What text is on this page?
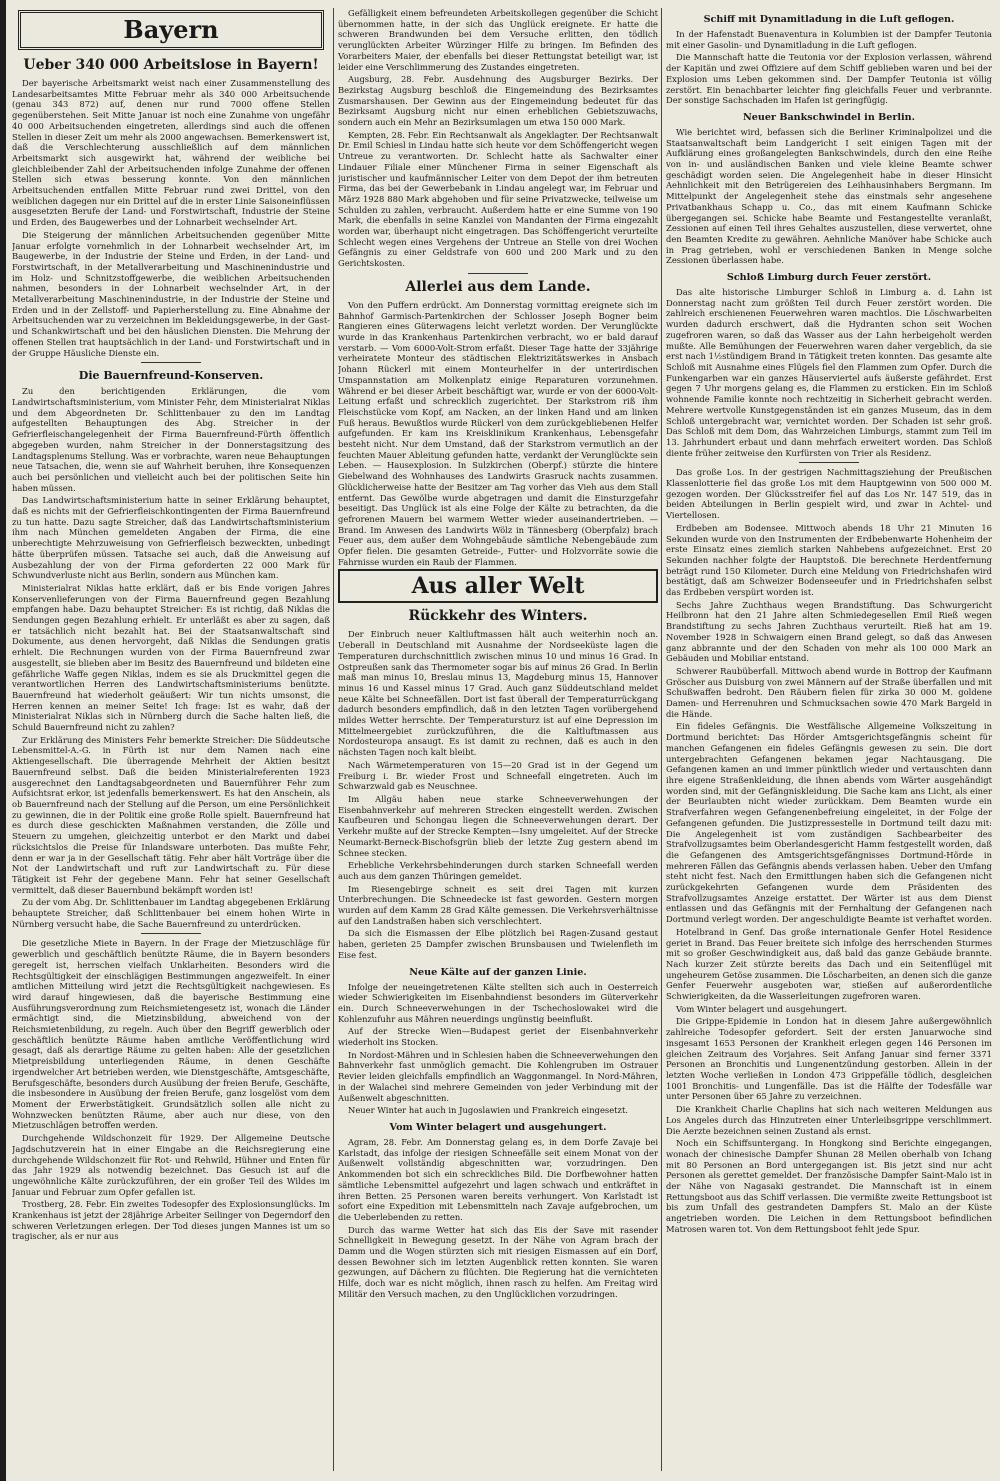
Bayern
Ueber 340 000 Arbeitslose in Bayern!

Der bayerische Arbeitsmarkt weist nach einer Zusammenstellung des Landesarbeitsamtes Mitte Februar mehr als 340 000 Arbeitsuchende (genau 343 872) auf, denen nur rund 7000 offene Stellen gegenüberstehen. Seit Mitte Januar ist noch eine Zunahme von ungefähr 40 000 Arbeitsuchenden eingetreten, allerdings sind auch die offenen Stellen in dieser Zeit um mehr als 2000 angewachsen. Bemerkenswert ist, daß die Verschlechterung ausschließlich auf dem männlichen Arbeitsmarkt sich ausgewirkt hat, während der weibliche bei gleichbleibender Zahl der Arbeitsuchenden infolge Zunahme der offenen Stellen sich etwas besserung konnte. Von den männlichen Arbeitsuchenden entfallen Mitte Februar rund zwei Drittel, von den weiblichen dagegen nur ein Drittel auf die in erster Linie Saisoneinflüssen ausgesetzten Berufe der Land- und Forstwirtschaft, Industrie der Steine und Erden, des Baugewerbes und der Lohnarbeit wechselnder Art.

Die Steigerung der männlichen Arbeitsuchenden gegenüber Mitte Januar erfolgte vornehmlich in der Lohnarbeit wechselnder Art, im Baugewerbe, in der Industrie der Steine und Erden, in der Land- und Forstwirtschaft, in der Metallverarbeitung und Maschinenindustrie und im Holz- und Schnitzstoffgewerbe, die weiblichen Arbeitsuchenden nahmen, besonders in der Lohnarbeit wechselnder Art, in der Metallverarbeitung Maschinenindustrie, in der Industrie der Steine und Erden und in der Zellstoff- und Papierherstellung zu. Eine Abnahme der Arbeitsuchenden war zu verzeichnen im Bekleidungsgewerbe, in der Gast- und Schankwirtschaft und bei den häuslichen Diensten. Die Mehrung der offenen Stellen trat hauptsächlich in der Land- und Forstwirtschaft und in der Gruppe Häusliche Dienste ein.

Die Bauernfreund-Konserven.

Zu den berichtigenden Erklärungen, die vom Landwirtschaftsministerium, vom Minister Fehr, dem Ministerialrat Niklas und dem Abgeordneten Dr. Schlittenbauer zu den im Landtag aufgestellten Behauptungen des Abg. Streicher in der Gefrierfleischangelegenheit der Firma Bauernfreund-Fürth öffentlich abgegeben wurden, nahm Streicher in der Donnerstagsitzung des Landtagsplenums Stellung. Was er vorbrachte, waren neue Behauptungen neue Tatsachen, die, wenn sie auf Wahrheit beruhen, ihre Konsequenzen auch bei persönlichen und vielleicht auch bei der politischen Seite hin haben müssen.

Das Landwirtschaftsministerium hatte in seiner Erklärung behauptet, daß es nichts mit der Gefrierfleischkontingenten der Firma Bauernfreund zu tun hatte. Dazu sagte Streicher, daß das Landwirtschaftsministerium ihm nach München gemeldeten Angaben der Firma, die eine unberechtigte Mehrzuweisung von Gefrierfleisch bezweckten, unbedingt hätte überprüfen müssen. Tatsache sei auch, daß die Anweisung auf Ausbezahlung der von der Firma geforderten 22 000 Mark für Schwundverluste nicht aus Berlin, sondern aus München kam.

Ministerialrat Niklas hatte erklärt, daß er bis Ende vorigen Jahres Konservenlieferungen von der Firma Bauernfreund gegen Bezahlung empfangen habe. Dazu behauptet Streicher: Es ist richtig, daß Niklas die Sendungen gegen Bezahlung erhielt. Er unterläßt es aber zu sagen, daß er tatsächlich nicht bezahlt hat. Bei der Staatsanwaltschaft sind Dokumente, aus denen hervorgeht, daß Niklas die Sendungen gratis erhielt. Die Rechnungen wurden von der Firma Bauernfreund zwar ausgestellt, sie blieben aber im Besitz des Bauernfreund und bildeten eine gefährliche Waffe gegen Niklas, indem es sie als Druckmittel gegen die verantwortlichen Herren des Landwirtschaftsministeriums benützte. Bauernfreund hat wiederholt geäußert: Wir tun nichts umsonst, die Herren kennen an meiner Seite! Ich frage: Ist es wahr, daß der Ministerialrat Niklas sich in Nürnberg durch die Sache halten ließ, die Schuld Bauernfreund nicht zu zahlen?

Zur Erklärung des Ministers Fehr bemerkte Streicher: Die Süddeutsche Lebensmittel-A.-G. in Fürth ist nur dem Namen nach eine Aktiengesellschaft. Die überragende Mehrheit der Aktien besitzt Bauernfreund selbst. Daß die beiden Ministerialreferenten 1923 ausgerechnet den Landtagsabgeordneten und Bauernführer Fehr zum Aufsichtsrat erkor, ist jedenfalls bemerkenswert. Es hat den Anschein, als ob Bauernfreund nach der Stellung auf die Person, um eine Persönlichkeit zu gewinnen, die in der Politik eine große Rolle spielt. Bauernfreund hat es durch diese geschickten Maßnahmen verstanden, die Zölle und Steuern zu umgehen, gleichzeitig unterbot er den Markt und dabei rücksichtslos die Preise für Inlandsware unterboten. Das mußte Fehr, denn er war ja in der Gesellschaft tätig. Fehr aber hält Vorträge über die Not der Landwirtschaft und ruft zur Landwirtschaft zu. Für diese Tätigkeit ist Fehr der gegebene Mann. Fehr hat seiner Gesellschaft vermittelt, daß dieser Bauernbund bekämpft worden ist!

Zu der vom Abg. Dr. Schlittenbauer im Landtag abgegebenen Erklärung behauptete Streicher, daß Schlittenbauer bei einem hohen Wirte in Nürnberg versucht habe, die Sache Bauernfreund zu unterdrücken.

Die gesetzliche Miete in Bayern. In der Frage der Mietzuschläge für gewerblich und geschäftlich benützte Räume, die in Bayern besonders geregelt ist, herrschen vielfach Unklarheiten. Besonders wird die Rechtsgültigkeit der einschlägigen Bestimmungen angezweifelt. In einer amtlichen Mitteilung wird jetzt die Rechtsgültigkeit nachgewiesen. Es wird darauf hingewiesen, daß die bayerische Bestimmung eine Ausführungsverordnung zum Reichsmietengesetz ist, wonach die Länder ermächtigt sind, die Mietzinsbildung, abweichend von der Reichsmietenbildung, zu regeln. Auch über den Begriff gewerblich oder geschäftlich benützte Räume haben amtliche Veröffentlichung wird gesagt, daß als derartige Räume zu gelten haben: Alle der gesetzlichen Mietpreisbildung unterliegenden Räume, in denen Geschäfte irgendwelcher Art betrieben werden, wie Dienstgeschäfte, Amtsgeschäfte, Berufsgeschäfte, besonders durch Ausübung der freien Berufe, Geschäfte, die insbesondere in Ausübung der freien Berufe, ganz losgelöst vom dem Moment der Erwerbstätigkeit. Grundsätzlich sollen alle nicht zu Wohnzwecken benützten Räume, aber auch nur diese, von den Mietzuschlägen betroffen werden.

Durchgehende Wildschonzeit für 1929. Der Allgemeine Deutsche Jagdschutzverein hat in einer Eingabe an die Reichsregierung eine durchgehende Wildschonzeit für Rot- und Rehwild, Hühner und Enten für das Jahr 1929 als notwendig bezeichnet. Das Gesuch ist auf die ungewöhnliche Kälte zurückzuführen, der ein großer Teil des Wildes im Januar und Februar zum Opfer gefallen ist.

Trostberg, 28. Febr. Ein zweites Todesopfer des Explosionsunglücks. Im Krankenhaus ist jetzt der 28jährige Arbeiter Seilinger von Degerndorf den schweren Verletzungen erlegen. Der Tod dieses jungen Mannes ist um so tragischer, als er nur aus

Gefälligkeit einem befreundeten Arbeitskollegen gegenüber die Schicht übernommen hatte, in der sich das Unglück ereignete. Er hatte die schweren Brandwunden bei dem Versuche erlitten, den tödlich verunglückten Arbeiter Würzinger Hilfe zu bringen. Im Befinden des Vorarbeiters Maier, der ebenfalls bei dieser Rettungstat beteiligt war, ist leider eine Verschlimmerung des Zustandes eingetreten.

Augsburg, 28. Febr. Ausdehnung des Augsburger Bezirks. Der Bezirkstag Augsburg beschloß die Eingemeindung des Bezirksamtes Zusmarshausen. Der Gewinn aus der Eingemeindung bedeutet für das Bezirksamt Augsburg nicht nur einen erheblichen Gebietszuwachs, sondern auch ein Mehr an Bezirksumlagen um etwa 150 000 Mark.

Kempten, 28. Febr. Ein Rechtsanwalt als Angeklagter. Der Rechtsanwalt Dr. Emil Schiesl in Lindau hatte sich heute vor dem Schöffengericht wegen Untreue zu verantworten. Dr. Schlecht hatte als Sachwalter einer Lindauer Filiale einer Münchener Firma in seiner Eigenschaft als juristischer und kaufmännischer Leiter von dem Depot der ihm betreuten Firma, das bei der Gewerbebank in Lindau angelegt war, im Februar und März 1928 880 Mark abgehoben und für seine Privatzwecke, teilweise um Schulden zu zahlen, verbraucht. Außerdem hatte er eine Summe von 190 Mark, die ebenfalls in seine Kanzlei von Mandanten der Firma eingezahlt worden war, überhaupt nicht eingetragen. Das Schöffengericht verurteilte Schlecht wegen eines Vergehens der Untreue an Stelle von drei Wochen Gefängnis zu einer Geldstrafe von 600 und 200 Mark und zu den Gerichtskosten.

Allerlei aus dem Lande.

Von den Puffern erdrückt. Am Donnerstag vormittag ereignete sich im Bahnhof Garmisch-Partenkirchen der Schlosser Joseph Bogner beim Rangieren eines Güterwagens leicht verletzt worden. Der Verunglückte wurde in das Krankenhaus Partenkirchen verbracht, wo er bald darauf verstarb. — Vom 6000-Volt-Strom erfaßt. Dieser Tage hatte der 33jährige verheiratete Monteur des städtischen Elektrizitätswerkes in Ansbach Johann Rückerl mit einem Monteurhelfer in der unterirdischen Umspannstation am Molkenplatz einige Reparaturen vorzunehmen. Während er bei dieser Arbeit beschäftigt war, wurde er von der 6000-Volt-Leitung erfaßt und schrecklich zugerichtet. Der Starkstrom riß ihm Fleischstücke vom Kopf, am Nacken, an der linken Hand und am linken Fuß heraus. Bewußtlos wurde Rückerl von dem zurückgebliebenen Helfer aufgefunden. Er kam ins Kreisklinikum Krankenhaus, Lebensgefahr besteht nicht. Nur dem Umstand, daß der Starkstrom vermutlich an der feuchten Mauer Ableitung gefunden hatte, verdankt der Verunglückte sein Leben. — Hausexplosion. In Sulzkirchen (Oberpf.) stürzte die hintere Giebelwand des Wohnhauses des Landwirts Grasruck nachts zusammen. Glücklicherweise hatte der Besitzer am Tag vorher das Vieh aus dem Stall entfernt. Das Gewölbe wurde abgetragen und damit die Einsturzgefahr beseitigt. Das Unglück ist als eine Folge der Kälte zu betrachten, da die gefrorenen Mauern bei warmem Wetter wieder auseinandertrieben. — Brand. Im Anwesen des Landwirts Wölz in Tännesberg (Oberpfalz) brach Feuer aus, dem außer dem Wohngebäude sämtliche Nebengebäude zum Opfer fielen. Die gesamten Getreide-, Futter- und Holzvorräte sowie die Fahrnisse wurden ein Raub der Flammen.

Aus aller Welt
Rückkehr des Winters.

Der Einbruch neuer Kaltluftmassen hält auch weiterhin noch an. Ueberall in Deutschland mit Ausnahme der Nordseeküste lagen die Temperaturen durchschnittlich zwischen minus 10 und minus 16 Grad. In Ostpreußen sank das Thermometer sogar bis auf minus 26 Grad. In Berlin maß man minus 10, Breslau minus 13, Magdeburg minus 15, Hannover minus 16 und Kassel minus 17 Grad. Auch ganz Süddeutschland meldet neue Kälte bei Schneefällen. Dort ist fast überall der Temperaturrückgang dadurch besonders empfindlich, daß in den letzten Tagen vorübergehend mildes Wetter herrschte. Der Temperatursturz ist auf eine Depression im Mittelmeergebiet zurückzuführen, die die Kaltluftmassen aus Nordosteuropa ansaugt. Es ist damit zu rechnen, daß es auch in den nächsten Tagen noch kalt bleibt.

Nach Wärmetemperaturen von 15—20 Grad ist in der Gegend um Freiburg i. Br. wieder Frost und Schneefall eingetreten. Auch im Schwarzwald gab es Neuschnee.

Im Allgäu haben neue starke Schneeverwehungen der Eisenbahnverkehr auf mehreren Strecken eingestellt werden. Zwischen Kaufbeuren und Schongau liegen die Schneeverwehungen derart. Der Verkehr mußte auf der Strecke Kempten—Isny umgeleitet. Auf der Strecke Neumarkt-Berneck-Bischofsgrün blieb der letzte Zug gestern abend im Schnee stecken.

Erhebliche Verkehrsbehinderungen durch starken Schneefall werden auch aus dem ganzen Thüringen gemeldet.

Im Riesengebirge schneit es seit drei Tagen mit kurzen Unterbrechungen. Die Schneedecke ist fast geworden. Gestern morgen wurden auf dem Kamm 28 Grad Kälte gemessen. Die Verkehrsverhältnisse auf den Landstraßen haben sich verschlechtert.

Da sich die Eismassen der Elbe plötzlich bei Ragen-Zusand gestaut haben, gerieten 25 Dampfer zwischen Brunsbausen und Twielenfleth im Eise fest.

Neue Kälte auf der ganzen Linie.

Infolge der neueingetretenen Kälte stellten sich auch in Oesterreich wieder Schwierigkeiten im Eisenbahndienst besonders im Güterverkehr ein. Durch Schneeverwehungen in der Tschechoslowakei wird die Kohlenzufuhr aus Mähren neuerdings ungünstig beeinflußt.

Auf der Strecke Wien—Budapest geriet der Eisenbahnverkehr wiederholt ins Stocken.

In Nordost-Mähren und in Schlesien haben die Schneeverwehungen den Bahnverkehr fast unmöglich gemacht. Die Kohlengruben im Ostrauer Revier leiden gleichfalls empfindlich an Waggonmangel. In Nord-Mähren, in der Walachei sind mehrere Gemeinden von jeder Verbindung mit der Außenwelt abgeschnitten.

Neuer Winter hat auch in Jugoslawien und Frankreich eingesetzt.

Vom Winter belagert und ausgehungert.

Agram, 28. Febr. Am Donnerstag gelang es, in dem Dorfe Zavaje bei Karlstadt, das infolge der riesigen Schneefälle seit einem Monat von der Außenwelt vollständig abgeschnitten war, vorzudringen. Den Ankommenden bot sich ein schreckliches Bild. Die Dorfbewohner hatten sämtliche Lebensmittel aufgezehrt und lagen schwach und entkräftet in ihren Betten. 25 Personen waren bereits verhungert. Von Karlstadt ist sofort eine Expedition mit Lebensmitteln nach Zavaje aufgebrochen, um die Ueberlebenden zu retten.

Durch das warme Wetter hat sich das Eis der Save mit rasender Schnelligkeit in Bewegung gesetzt. In der Nähe von Agram brach der Damm und die Wogen stürzten sich mit riesigen Eismassen auf ein Dorf, dessen Bewohner sich im letzten Augenblick retten konnten. Sie waren gezwungen, auf Dächern zu flüchten. Die Regierung hat die vernichteten Hilfe, doch war es nicht möglich, ihnen rasch zu helfen. Am Freitag wird Militär den Versuch machen, zu den Unglücklichen vorzudringen.

Schiff mit Dynamitladung in die Luft geflogen.

In der Hafenstadt Buenaventura in Kolumbien ist der Dampfer Teutonia mit einer Gasolin- und Dynamitladung in die Luft geflogen.

Die Mannschaft hatte die Teutonia vor der Explosion verlassen, während der Kapitän und zwei Offiziere auf dem Schiff geblieben waren und bei der Explosion ums Leben gekommen sind. Der Dampfer Teutonia ist völlig zerstört. Ein benachbarter leichter fing gleichfalls Feuer und verbrannte. Der sonstige Sachschaden im Hafen ist geringfügig.

Neuer Bankschwindel in Berlin.

Wie berichtet wird, befassen sich die Berliner Kriminalpolizei und die Staatsanwaltschaft beim Landgericht I seit einigen Tagen mit der Aufklärung eines großangelegten Bankschwindels, durch den eine Reihe von in- und ausländischen Banken und viele kleine Beamte schwer geschädigt worden seien. Die Angelegenheit habe in dieser Hinsicht Aehnlichkeit mit den Betrügereien des Leihhausinhabers Bergmann. Im Mittelpunkt der Angelegenheit stehe das einstmals sehr angesehene Privatbankhaus Schapp u. Co., das mit einem Kaufmann Schicke übergegangen sei. Schicke habe Beamte und Festangestellte veranlaßt, Zessionen auf einen Teil ihres Gehaltes auszustellen, diese verwertet, ohne den Beamten Kredite zu gewähren. Aehnliche Manöver habe Schicke auch in Prag getrieben, wohl er verschiedenen Banken in Menge solche Zessionen überlassen habe.

Schloß Limburg durch Feuer zerstört.

Das alte historische Limburger Schloß in Limburg a. d. Lahn ist Donnerstag nacht zum größten Teil durch Feuer zerstört worden. Die zahlreich erschienenen Feuerwehren waren machtlos. Die Löschwarbeiten wurden dadurch erschwert, daß die Hydranten schon seit Wochen zugefroren waren, so daß das Wasser aus der Lahn herbeigeholt werden mußte. Alle Bemühungen der Feuerwehren waren daher vergeblich, da sie erst nach 1½stündigem Brand in Tätigkeit treten konnten. Das gesamte alte Schloß mit Ausnahme eines Flügels fiel den Flammen zum Opfer. Durch die Funkengarben war ein ganzes Häuserviertel aufs äußerste gefährdet. Erst gegen 7 Uhr morgens gelang es, die Flammen zu ersticken. Ein im Schloß wohnende Familie konnte noch rechtzeitig in Sicherheit gebracht werden. Mehrere wertvolle Kunstgegenständen ist ein ganzes Museum, das in dem Schloß untergebracht war, vernichtet worden. Der Schaden ist sehr groß. Das Schloß mit dem Dom, das Wahrzeichen Limburgs, stammt zum Teil im 13. Jahrhundert erbaut und dann mehrfach erweitert worden. Das Schloß diente früher zeitweise den Kurfürsten von Trier als Residenz.

Das große Los. In der gestrigen Nachmittagsziehung der Preußischen Klassenlotterie fiel das große Los mit dem Hauptgewinn von 500 000 M. gezogen worden. Der Glücksstreifer fiel auf das Los Nr. 147 519, das in beiden Abteilungen in Berlin gespielt wird, und zwar in Achtel- und Viertellosen.

Erdbeben am Bodensee. Mittwoch abends 18 Uhr 21 Minuten 16 Sekunden wurde von den Instrumenten der Erdbebenwarte Hohenheim der erste Einsatz eines ziemlich starken Nahbebens aufgezeichnet. Erst 20 Sekunden nachher folgte der Hauptstoß. Die berechnete Herdentfernung beträgt rund 150 Kilometer. Durch eine Meldung von Friedrichshafen wird bestätigt, daß am Schweizer Bodenseeufer und in Friedrichshafen selbst das Erdbeben verspürt worden ist.

Sechs Jahre Zuchthaus wegen Brandstiftung. Das Schwurgericht Heilbronn hat den 21 Jahre alten Schmiedegesellen Emil Rieß wegen Brandstiftung zu sechs Jahren Zuchthaus verurteilt. Rieß hat am 19. November 1928 in Schwaigern einen Brand gelegt, so daß das Anwesen ganz abbrannte und der den Schaden von mehr als 100 000 Mark an Gebäuden und Mobiliar entstand.

Schwerer Raubüberfall. Mittwoch abend wurde in Bottrop der Kaufmann Gröscher aus Duisburg von zwei Männern auf der Straße überfallen und mit Schußwaffen bedroht. Den Räubern fielen für zirka 30 000 M. goldene Damen- und Herrenuhren und Schmucksachen sowie 470 Mark Bargeld in die Hände.

Ein fideles Gefängnis. Die Westfälische Allgemeine Volkszeitung in Dortmund berichtet: Das Hörder Amtsgerichtsgefängnis scheint für manchen Gefangenen ein fideles Gefängnis gewesen zu sein. Die dort untergebrachten Gefangenen bekamen jegar Nachtausgang. Die Gefangenen kamen an und immer pünktlich wieder und vertauschten dann ihre eigene Straßenkleidung, die ihnen abends vom Wärter ausgehändigt worden sind, mit der Gefängniskleidung. Die Sache kam ans Licht, als einer der Beurlaubten nicht wieder zurückkam. Dem Beamten wurde ein Strafverfahren wegen Gefangenenbefreiung eingeleitet, in der Folge der Gefangenen gefunden. Die Justizpressestelle in Dortmund teilt dazu mit: Die Angelegenheit ist vom zuständigen Sachbearbeiter des Strafvollzugsamtes beim Oberlandesgericht Hamm festgestellt worden, daß die Gefangenen des Amtsgerichtsgefängnisses Dortmund-Hörde in mehreren Fällen das Gefängnis abends verlassen haben. Ueber den Umfang steht nicht fest. Nach den Ermittlungen haben sich die Gefangenen nicht zurückgekehrten Gefangenen wurde dem Präsidenten des Strafvollzugsamtes Anzeige erstattet. Der Wärter ist aus dem Dienst entlassen und das Gefängnis mit der Fernhaltung der Gefangenen nach Dortmund verlegt worden. Der angeschuldigte Beamte ist verhaftet worden.

Hotelbrand in Genf. Das große internationale Genfer Hotel Residence geriet in Brand. Das Feuer breitete sich infolge des herrschenden Sturmes mit so großer Geschwindigkeit aus, daß bald das ganze Gebäude brannte. Nach kurzer Zeit stürzte bereits das Dach und ein Seitenflügel mit ungeheurem Getöse zusammen. Die Löscharbeiten, an denen sich die ganze Genfer Feuerwehr ausgeboten war, stießen auf außerordentliche Schwierigkeiten, da die Wasserleitungen zugefroren waren.

Vom Winter belagert und ausgehungert.

Die Grippe-Epidemie in London hat in diesem Jahre außergewöhnlich zahlreiche Todesopfer gefordert. Seit der ersten Januarwoche sind insgesamt 1653 Personen der Krankheit erlegen gegen 146 Personen im gleichen Zeitraum des Vorjahres. Seit Anfang Januar sind ferner 3371 Personen an Bronchitis und Lungenentzündung gestorben. Allein in der letzten Woche verließen in London 473 Grippefälle tödlich, desgleichen 1001 Bronchitis- und Lungenfälle. Das ist die Hälfte der Todesfälle war unter Personen über 65 Jahre zu verzeichnen.

Die Krankheit Charlie Chaplins hat sich nach weiteren Meldungen aus Los Angeles durch das Hinzutreten einer Unterleibsgrippe verschlimmert. Die Aerzte bezeichnen seinen Zustand als ernst.

Noch ein Schiffsuntergang. In Hongkong sind Berichte eingegangen, wonach der chinesische Dampfer Shunan 28 Meilen oberhalb von Ichang mit 80 Personen an Bord untergegangen ist. Bis jetzt sind nur acht Personen als gerettet gemeldet. Der französische Dampfer Saint-Malo ist in der Nähe von Nagasaki gestrandet. Die Mannschaft ist in einem Rettungsboot aus das Schiff verlassen. Die vermißte zweite Rettungsboot ist bis zum Unfall des gestrandeten Dampfers St. Malo an der Küste angetrieben worden. Die Leichen in dem Rettungsboot befindlichen Matrosen waren tot. Von dem Rettungsboot fehlt jede Spur.
